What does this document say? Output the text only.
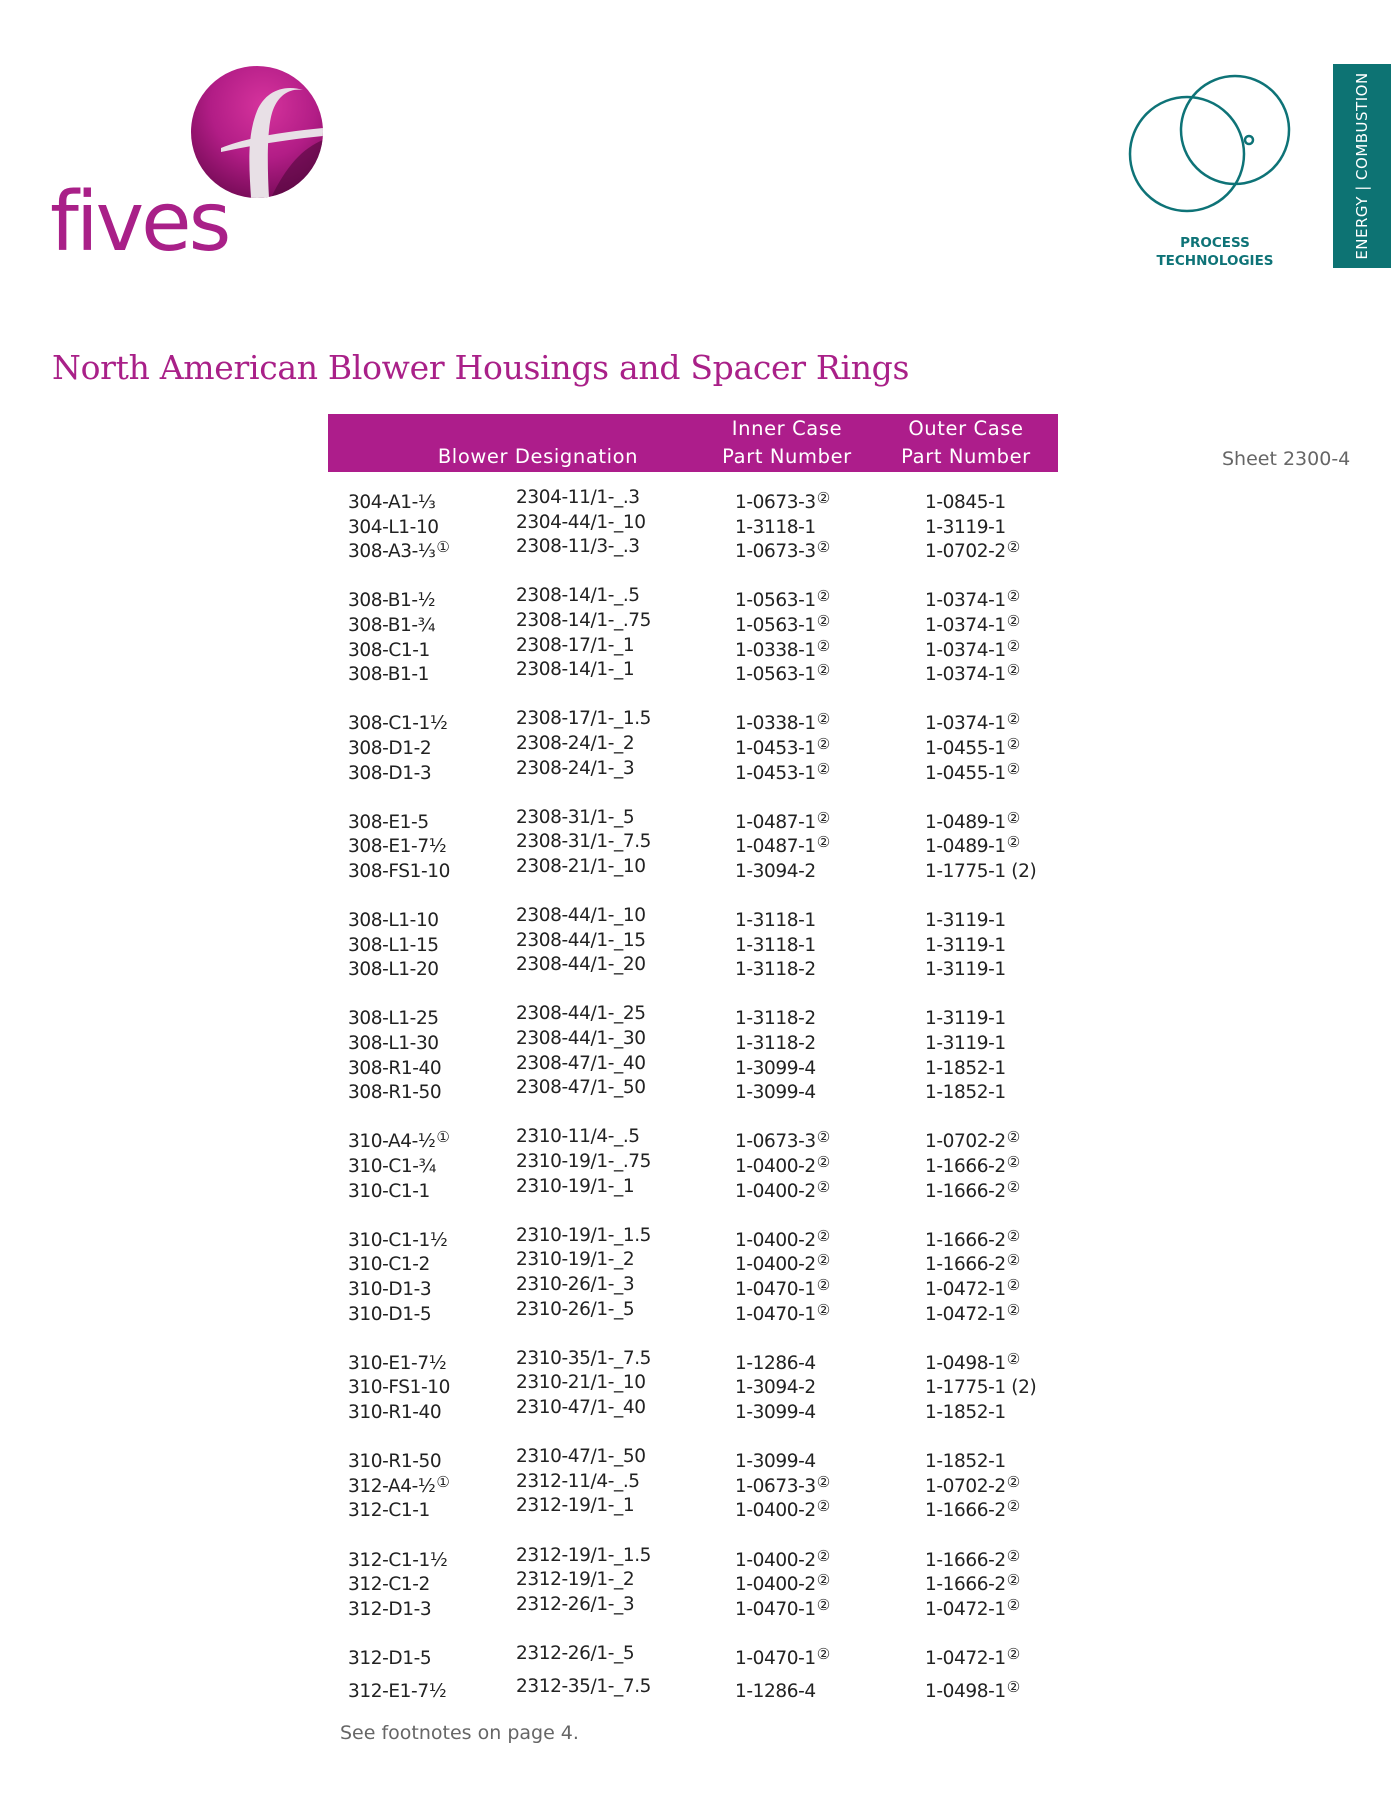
fives	PROCESS
TECHNOLOGIES
ENERGY | COMBUSTION
North American Blower Housings and Spacer Rings
Sheet 2300-4
Blower Designation
Inner Case
Part Number
Outer Case
Part Number
304-A1-⅓	2304-11/1-_.3	1-0673-3②	1-0845-1
304-L1-10	2304-44/1-_10	1-3118-1	1-3119-1
308-A3-⅓①	2308-11/3-_.3	1-0673-3②	1-0702-2②
308-B1-½	2308-14/1-_.5	1-0563-1②	1-0374-1②
308-B1-¾	2308-14/1-_.75	1-0563-1②	1-0374-1②
308-C1-1	2308-17/1-_1	1-0338-1②	1-0374-1②
308-B1-1	2308-14/1-_1	1-0563-1②	1-0374-1②
308-C1-1½	2308-17/1-_1.5	1-0338-1②	1-0374-1②
308-D1-2	2308-24/1-_2	1-0453-1②	1-0455-1②
308-D1-3	2308-24/1-_3	1-0453-1②	1-0455-1②
308-E1-5	2308-31/1-_5	1-0487-1②	1-0489-1②
308-E1-7½	2308-31/1-_7.5	1-0487-1②	1-0489-1②
308-FS1-10	2308-21/1-_10	1-3094-2	1-1775-1 (2)
308-L1-10	2308-44/1-_10	1-3118-1	1-3119-1
308-L1-15	2308-44/1-_15	1-3118-1	1-3119-1
308-L1-20	2308-44/1-_20	1-3118-2	1-3119-1
308-L1-25	2308-44/1-_25	1-3118-2	1-3119-1
308-L1-30	2308-44/1-_30	1-3118-2	1-3119-1
308-R1-40	2308-47/1-_40	1-3099-4	1-1852-1
308-R1-50	2308-47/1-_50	1-3099-4	1-1852-1
310-A4-½①	2310-11/4-_.5	1-0673-3②	1-0702-2②
310-C1-¾	2310-19/1-_.75	1-0400-2②	1-1666-2②
310-C1-1	2310-19/1-_1	1-0400-2②	1-1666-2②
310-C1-1½	2310-19/1-_1.5	1-0400-2②	1-1666-2②
310-C1-2	2310-19/1-_2	1-0400-2②	1-1666-2②
310-D1-3	2310-26/1-_3	1-0470-1②	1-0472-1②
310-D1-5	2310-26/1-_5	1-0470-1②	1-0472-1②
310-E1-7½	2310-35/1-_7.5	1-1286-4	1-0498-1②
310-FS1-10	2310-21/1-_10	1-3094-2	1-1775-1 (2)
310-R1-40	2310-47/1-_40	1-3099-4	1-1852-1
310-R1-50	2310-47/1-_50	1-3099-4	1-1852-1
312-A4-½①	2312-11/4-_.5	1-0673-3②	1-0702-2②
312-C1-1	2312-19/1-_1	1-0400-2②	1-1666-2②
312-C1-1½	2312-19/1-_1.5	1-0400-2②	1-1666-2②
312-C1-2	2312-19/1-_2	1-0400-2②	1-1666-2②
312-D1-3	2312-26/1-_3	1-0470-1②	1-0472-1②
312-D1-5	2312-26/1-_5	1-0470-1②	1-0472-1②
312-E1-7½	2312-35/1-_7.5	1-1286-4	1-0498-1②
See footnotes on page 4.
